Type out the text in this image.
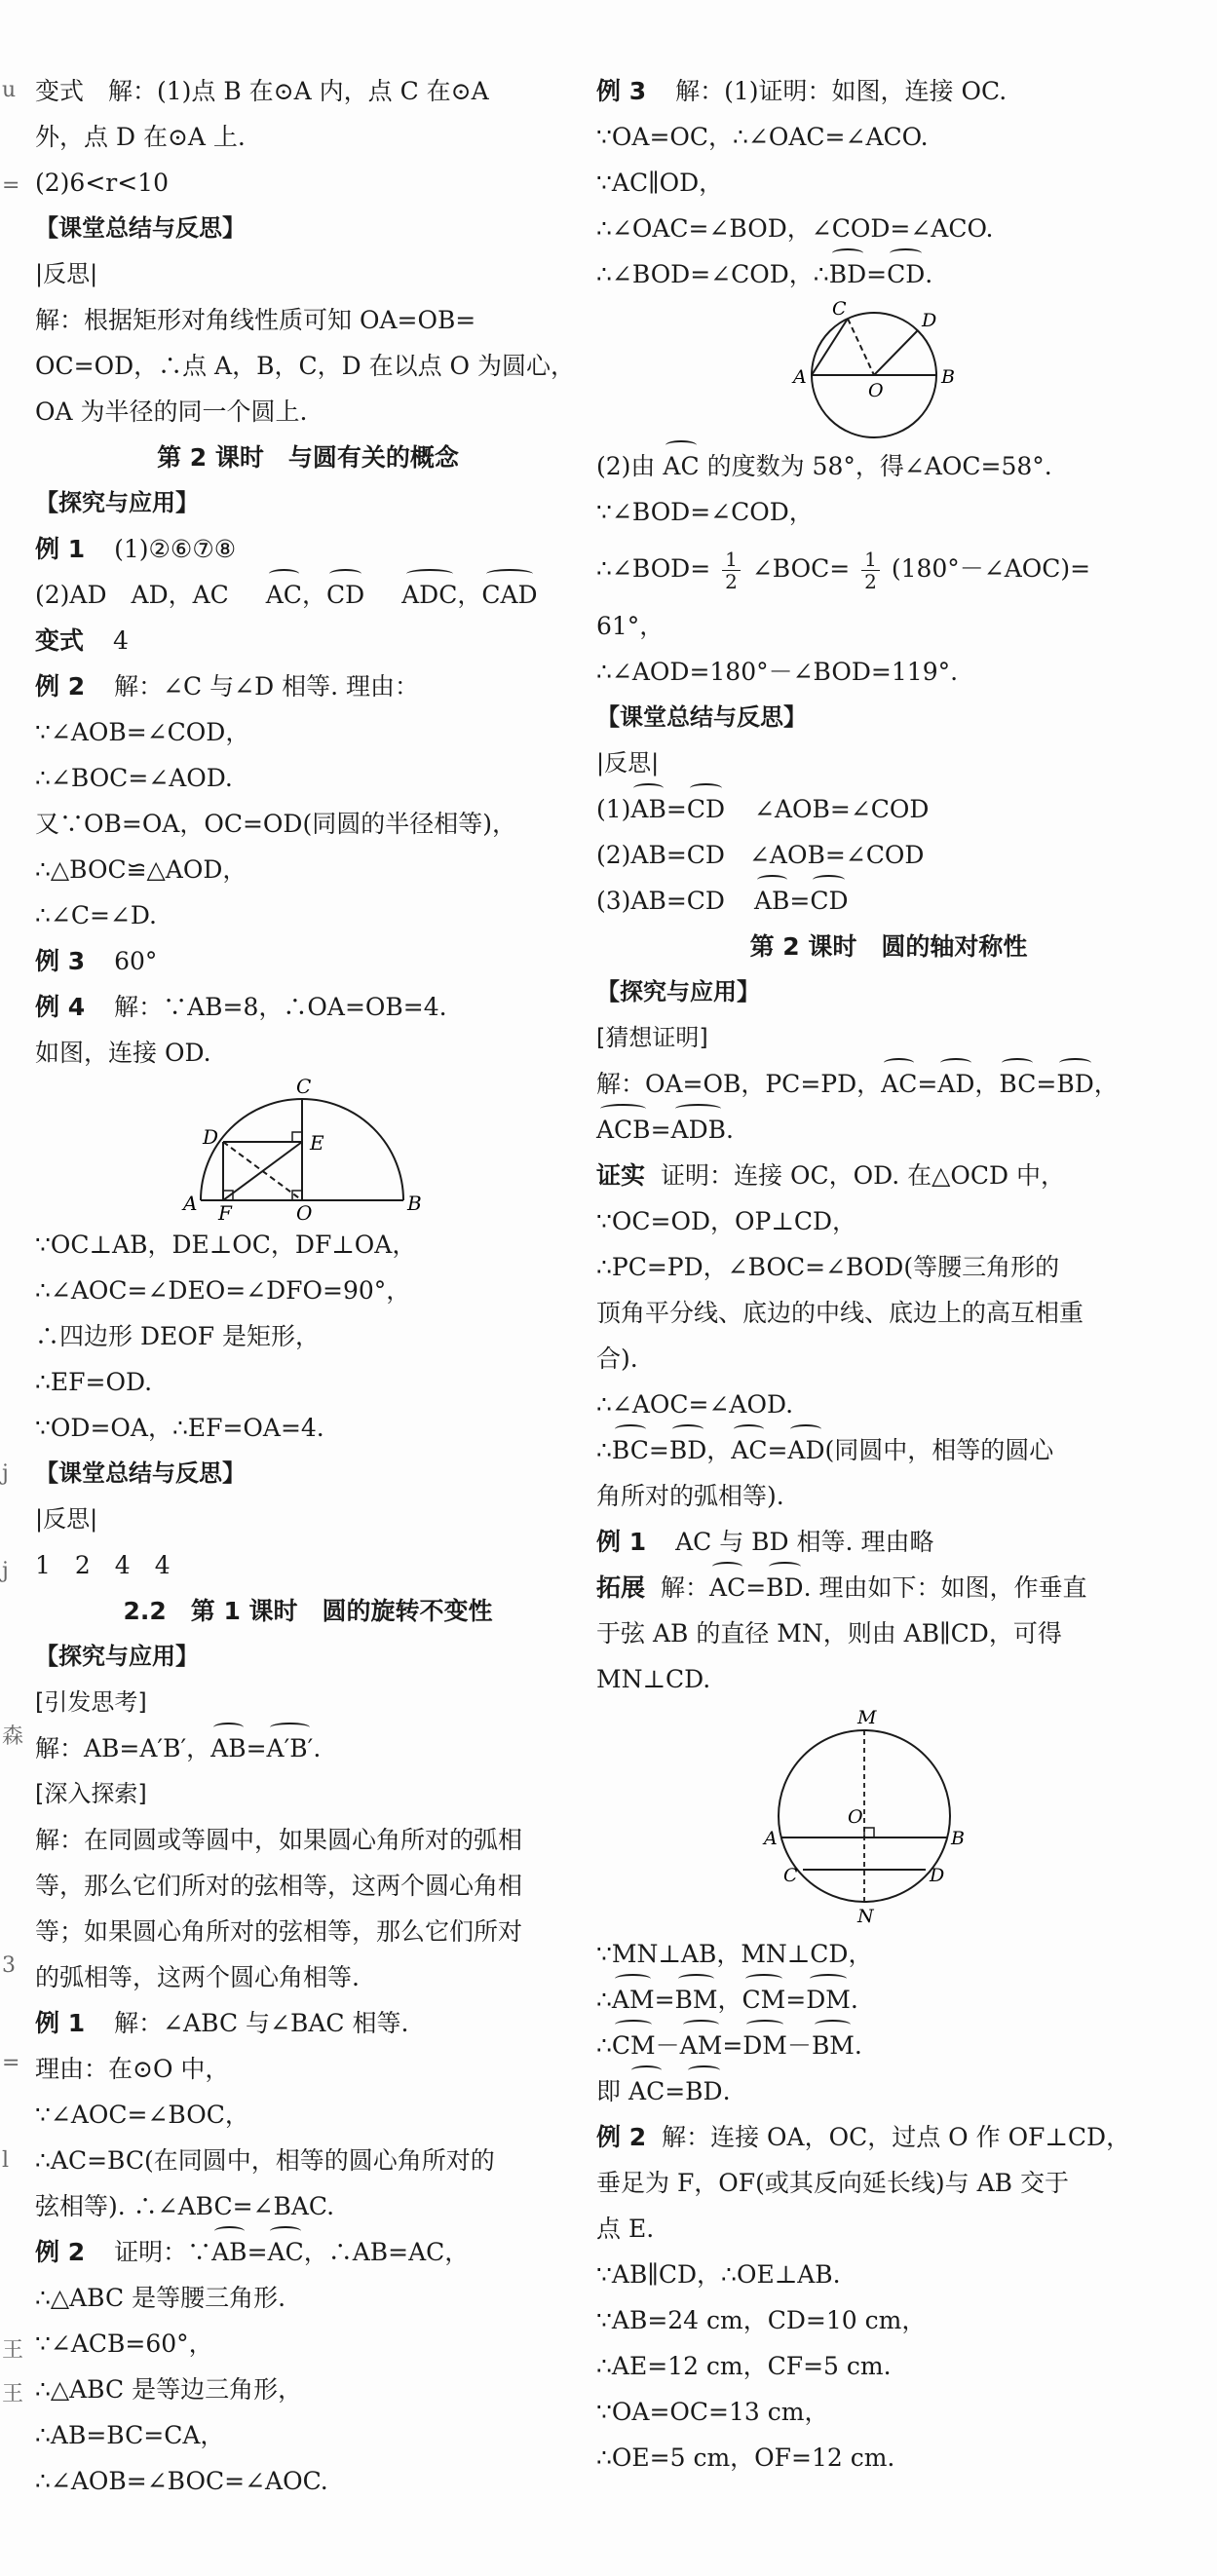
u
=
j
j
森
3
=
l
王
王
变式　解：(1)点 B 在⊙A 内，点 C 在⊙A
外，点 D 在⊙A 上.
(2)6<r<10
【课堂总结与反思】
|反思|
解：根据矩形对角线性质可知 OA=OB=
OC=OD，∴点 A，B，C，D 在以点 O 为圆心，
OA 为半径的同一个圆上.
第 2 课时　与圆有关的概念
【探究与应用】
例 1 (1)②⑥⑦⑧
(2)AD　AD，AC AC，CD ADC，CAD
变式 4
例 2 解：∠C 与∠D 相等. 理由：
∵∠AOB=∠COD，
∴∠BOC=∠AOD.
又∵OB=OA，OC=OD(同圆的半径相等)，
∴△BOC≌△AOD，
∴∠C=∠D.
例 3 60°
例 4 解：∵AB=8，∴OA=OB=4.
如图，连接 OD.
C
D	E
A F	O	B
∵OC⊥AB，DE⊥OC，DF⊥OA，
∴∠AOC=∠DEO=∠DFO=90°，
∴四边形 DEOF 是矩形，
∴EF=OD.
∵OD=OA，∴EF=OA=4.
【课堂总结与反思】
|反思|
1　2　4　4
2.2　第 1 课时　圆的旋转不变性
【探究与应用】
[引发思考]
解：AB=A′B′，AB=A′B′.
[深入探索]
解：在同圆或等圆中，如果圆心角所对的弧相
等，那么它们所对的弦相等，这两个圆心角相
等；如果圆心角所对的弦相等，那么它们所对
的弧相等，这两个圆心角相等.
例 1 解：∠ABC 与∠BAC 相等.
理由：在⊙O 中，
∵∠AOC=∠BOC，
∴AC=BC(在同圆中，相等的圆心角所对的
弦相等). ∴∠ABC=∠BAC.
例 2 证明：∵AB=AC，∴AB=AC，
∴△ABC 是等腰三角形.
∵∠ACB=60°，
∴△ABC 是等边三角形，
∴AB=BC=CA，
∴∠AOB=∠BOC=∠AOC.
例 3 解：(1)证明：如图，连接 OC.
∵OA=OC，∴∠OAC=∠ACO.
∵AC∥OD，
∴∠OAC=∠BOD，∠COD=∠ACO.
∴∠BOD=∠COD，∴BD=CD.
C
D
A
O
B
(2)由 AC 的度数为 58°，得∠AOC=58°.
∵∠BOD=∠COD，
∴∠BOD= $\frac{1}{2}$ ∠BOC= $\frac{1}{2}$ (180°－∠AOC)=
61°，
∴∠AOD=180°－∠BOD=119°.
【课堂总结与反思】
|反思|
(1)AB=CD ∠AOB=∠COD
(2)AB=CD　∠AOB=∠COD
(3)AB=CD AB=CD
第 2 课时　圆的轴对称性
【探究与应用】
[猜想证明]
解：OA=OB，PC=PD，AC=AD，BC=BD，
ACB=ADB.
证实 证明：连接 OC，OD. 在△OCD 中，
∵OC=OD，OP⊥CD，
∴PC=PD，∠BOC=∠BOD(等腰三角形的
顶角平分线、底边的中线、底边上的高互相重
合).
∴∠AOC=∠AOD.
∴BC=BD，AC=AD(同圆中，相等的圆心
角所对的弧相等).
例 1 AC 与 BD 相等. 理由略
拓展 解：AC=BD. 理由如下：如图，作垂直
于弦 AB 的直径 MN，则由 AB∥CD，可得
MN⊥CD.
M
O
A	B
C	D
N
∵MN⊥AB，MN⊥CD，
∴AM=BM，CM=DM.
∴CM－AM=DM－BM.
即 AC=BD.
例 2 解：连接 OA，OC，过点 O 作 OF⊥CD，
垂足为 F，OF(或其反向延长线)与 AB 交于
点 E.
∵AB∥CD，∴OE⊥AB.
∵AB=24 cm，CD=10 cm，
∴AE=12 cm，CF=5 cm.
∵OA=OC=13 cm，
∴OE=5 cm，OF=12 cm.
